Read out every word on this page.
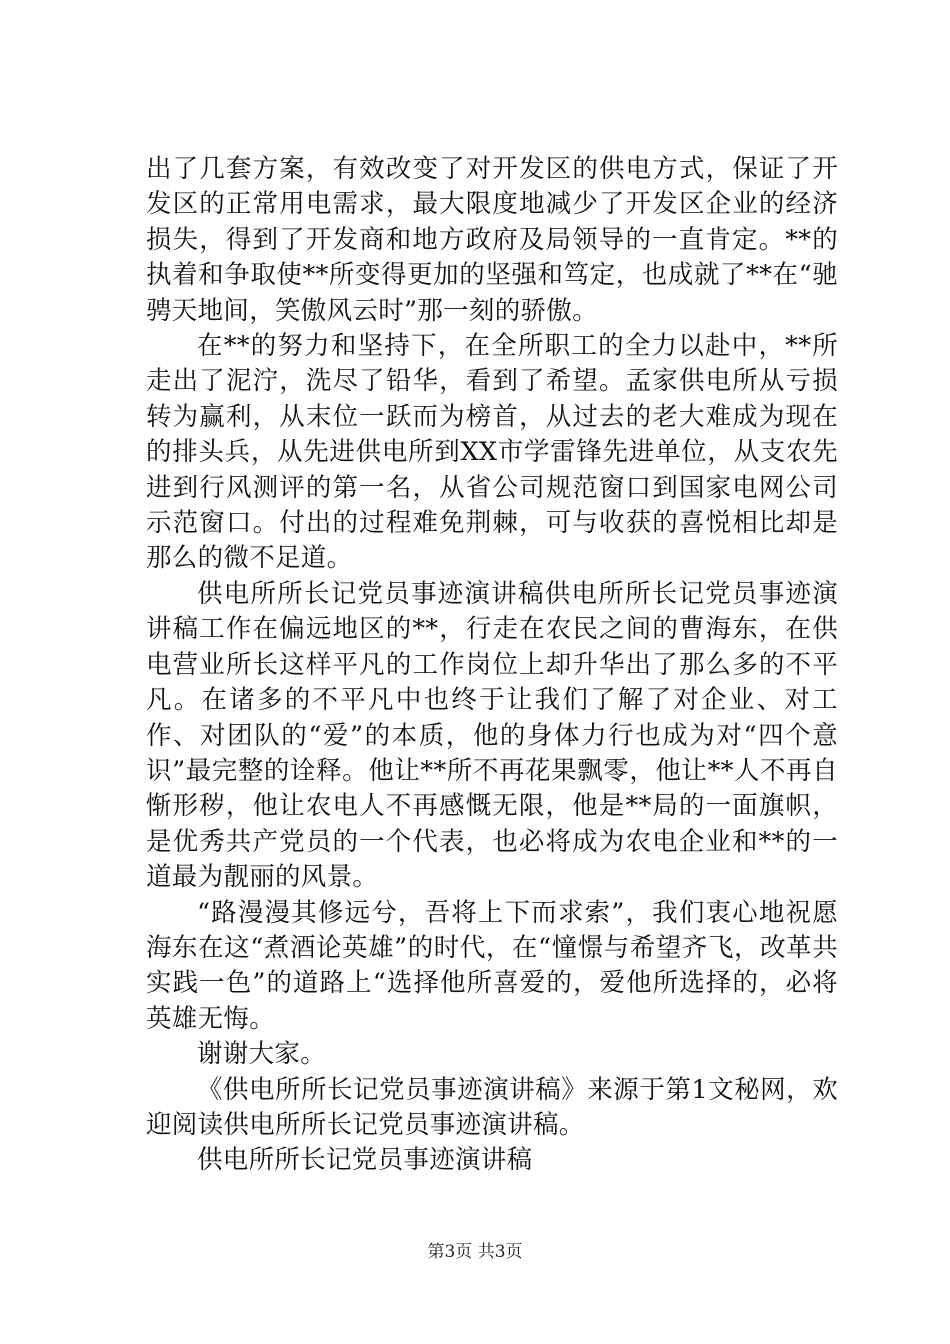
出了几套方案，有效改变了对开发区的供电方式，保证了开发区的正常用电需求，最大限度地减少了开发区企业的经济损失，得到了开发商和地方政府及局领导的一直肯定。**的执着和争取使**所变得更加的坚强和笃定，也成就了**在“驰骋天地间，笑傲风云时”那一刻的骄傲。

在**的努力和坚持下，在全所职工的全力以赴中，**所走出了泥泞，洗尽了铅华，看到了希望。孟家供电所从亏损转为赢利，从末位一跃而为榜首，从过去的老大难成为现在的排头兵，从先进供电所到XX市学雷锋先进单位，从支农先进到行风测评的第一名，从省公司规范窗口到国家电网公司示范窗口。付出的过程难免荆棘，可与收获的喜悦相比却是那么的微不足道。

供电所所长记党员事迹演讲稿供电所所长记党员事迹演讲稿工作在偏远地区的**，行走在农民之间的曹海东，在供电营业所长这样平凡的工作岗位上却升华出了那么多的不平凡。在诸多的不平凡中也终于让我们了解了对企业、对工作、对团队的“爱”的本质，他的身体力行也成为对“四个意识”最完整的诠释。他让**所不再花果飘零，他让**人不再自惭形秽，他让农电人不再感慨无限，他是**局的一面旗帜，是优秀共产党员的一个代表，也必将成为农电企业和**的一道最为靓丽的风景。

“路漫漫其修远兮，吾将上下而求索”，我们衷心地祝愿海东在这“煮酒论英雄”的时代，在“憧憬与希望齐飞，改革共实践一色”的道路上“选择他所喜爱的，爱他所选择的，必将英雄无悔。

谢谢大家。

《供电所所长记党员事迹演讲稿》来源于第1文秘网，欢迎阅读供电所所长记党员事迹演讲稿。

供电所所长记党员事迹演讲稿

第3页 共3页
